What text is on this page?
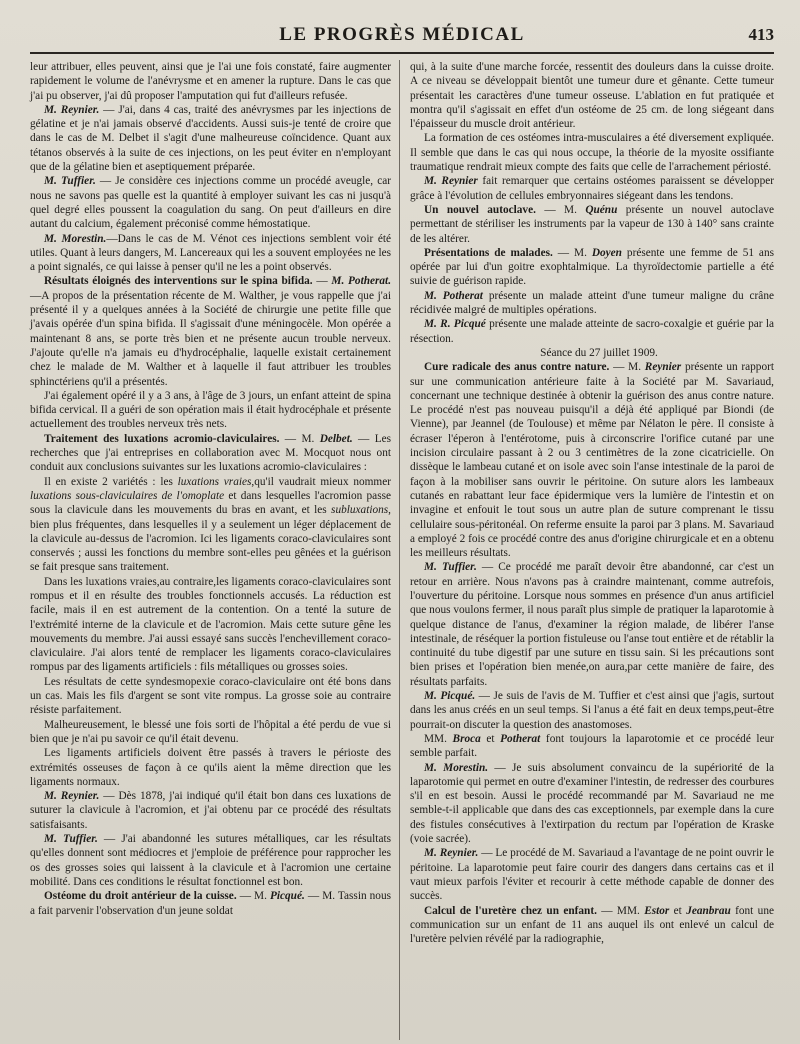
LE PROGRÈS MÉDICAL	413

leur attribuer, elles peuvent, ainsi que je l'ai une fois constaté, faire augmenter rapidement le volume de l'anévrysme et en amener la rupture. Dans le cas que j'ai pu observer, j'ai dû proposer l'amputation qui fut d'ailleurs refusée.

M. Reynier. — J'ai, dans 4 cas, traité des anévrysmes par les injections de gélatine et je n'ai jamais observé d'accidents. Aussi suis-je tenté de croire que dans le cas de M. Delbet il s'agit d'une malheureuse coïncidence. Quant aux tétanos observés à la suite de ces injections, on les peut éviter en n'employant que de la gélatine bien et aseptiquement préparée.

M. Tuffier. — Je considère ces injections comme un procédé aveugle, car nous ne savons pas quelle est la quantité à employer suivant les cas ni jusqu'à quel degré elles poussent la coagulation du sang. On peut d'ailleurs en dire autant du calcium, également préconisé comme hémostatique.

M. Morestin.—Dans le cas de M. Vénot ces injections semblent voir été utiles. Quant à leurs dangers, M. Lancereaux qui les a souvent employées ne les a point signalés, ce qui laisse à penser qu'il ne les a point observés.

Résultats éloignés des interventions sur le spina bifida. — M. Potherat. —A propos de la présentation récente de M. Walther, je vous rappelle que j'ai présenté il y a quelques années à la Société de chirurgie une petite fille que j'avais opérée d'un spina bifida. Il s'agissait d'une méningocèle. Mon opérée a maintenant 8 ans, se porte très bien et ne présente aucun trouble nerveux. J'ajoute qu'elle n'a jamais eu d'hydrocéphalie, laquelle existait certainement chez le malade de M. Walther et à laquelle il faut attribuer les troubles sphinctériens qu'il a présentés.

J'ai également opéré il y a 3 ans, à l'âge de 3 jours, un enfant atteint de spina bifida cervical. Il a guéri de son opération mais il était hydrocéphale et présente actuellement des troubles nerveux très nets.

Traitement des luxations acromio-claviculaires. — M. Delbet. — Les recherches que j'ai entreprises en collaboration avec M. Mocquot nous ont conduit aux conclusions suivantes sur les luxations acromio-claviculaires :

Il en existe 2 variétés : les luxations vraies,qu'il vaudrait mieux nommer luxations sous-claviculaires de l'omoplate et dans lesquelles l'acromion passe sous la clavicule dans les mouvements du bras en avant, et les subluxations, bien plus fréquentes, dans lesquelles il y a seulement un léger déplacement de la clavicule au-dessus de l'acromion. Ici les ligaments coraco-claviculaires sont conservés ; aussi les fonctions du membre sont-elles peu gênées et la guérison se fait presque sans traitement.

Dans les luxations vraies,au contraire,les ligaments coraco-claviculaires sont rompus et il en résulte des troubles fonctionnels accusés. La réduction est facile, mais il en est autrement de la contention. On a tenté la suture de l'extrémité interne de la clavicule et de l'acromion. Mais cette suture gêne les mouvements du membre. J'ai aussi essayé sans succès l'enchevillement coraco-claviculaire. J'ai alors tenté de remplacer les ligaments coraco-claviculaires rompus par des ligaments artificiels : fils métalliques ou grosses soies.

Les résultats de cette syndesmopexie coraco-claviculaire ont été bons dans un cas. Mais les fils d'argent se sont vite rompus. La grosse soie au contraire résiste parfaitement.

Malheureusement, le blessé une fois sorti de l'hôpital a été perdu de vue si bien que je n'ai pu savoir ce qu'il était devenu.

Les ligaments artificiels doivent être passés à travers le périoste des extrémités osseuses de façon à ce qu'ils aient la même direction que les ligaments normaux.

M. Reynier. — Dès 1878, j'ai indiqué qu'il était bon dans ces luxations de suturer la clavicule à l'acromion, et j'ai obtenu par ce procédé des résultats satisfaisants.

M. Tuffier. — J'ai abandonné les sutures métalliques, car les résultats qu'elles donnent sont médiocres et j'emploie de préférence pour rapprocher les os des grosses soies qui laissent à la clavicule et à l'acromion une certaine mobilité. Dans ces conditions le résultat fonctionnel est bon.

Ostéome du droit antérieur de la cuisse. — M. Picqué. — M. Tassin nous a fait parvenir l'observation d'un jeune soldat

qui, à la suite d'une marche forcée, ressentit des douleurs dans la cuisse droite. A ce niveau se développait bientôt une tumeur dure et gênante. Cette tumeur présentait les caractères d'une tumeur osseuse. L'ablation en fut pratiquée et montra qu'il s'agissait en effet d'un ostéome de 25 cm. de long siégeant dans l'épaisseur du muscle droit antérieur.

La formation de ces ostéomes intra-musculaires a été diversement expliquée. Il semble que dans le cas qui nous occupe, la théorie de la myosite ossifiante traumatique rendrait mieux compte des faits que celle de l'arrachement périosté.

M. Reynier fait remarquer que certains ostéomes paraissent se développer grâce à l'évolution de cellules embryonnaires siégeant dans les tendons.

Un nouvel autoclave. — M. Quénu présente un nouvel autoclave permettant de stériliser les instruments par la vapeur de 130 à 140° sans crainte de les altérer.

Présentations de malades. — M. Doyen présente une femme de 51 ans opérée par lui d'un goitre exophtalmique. La thyroïdectomie partielle a été suivie de guérison rapide.

M. Potherat présente un malade atteint d'une tumeur maligne du crâne récidivée malgré de multiples opérations.

M. R. Picqué présente une malade atteinte de sacro-coxalgie et guérie par la résection.

Séance du 27 juillet 1909.

Cure radicale des anus contre nature. — M. Reynier présente un rapport sur une communication antérieure faite à la Société par M. Savariaud, concernant une technique destinée à obtenir la guérison des anus contre nature. Le procédé n'est pas nouveau puisqu'il a déjà été appliqué par Biondi (de Vienne), par Jeannel (de Toulouse) et même par Nélaton le père. Il consiste à écraser l'éperon à l'entérotome, puis à circonscrire l'orifice cutané par une incision circulaire passant à 2 ou 3 centimètres de la zone cicatricielle. On dissèque le lambeau cutané et on isole avec soin l'anse intestinale de la paroi de façon à la mobiliser sans ouvrir le péritoine. On suture alors les lambeaux cutanés en rabattant leur face épidermique vers la lumière de l'intestin et on invagine et enfouit le tout sous un autre plan de suture comprenant le tissu cellulaire sous-péritonéal. On referme ensuite la paroi par 3 plans. M. Savariaud a employé 2 fois ce procédé contre des anus d'origine chirurgicale et en a obtenu les meilleurs résultats.

M. Tuffier. — Ce procédé me paraît devoir être abandonné, car c'est un retour en arrière. Nous n'avons pas à craindre maintenant, comme autrefois, l'ouverture du péritoine. Lorsque nous sommes en présence d'un anus artificiel que nous voulons fermer, il nous paraît plus simple de pratiquer la laparotomie à quelque distance de l'anus, d'examiner la région malade, de libérer l'anse intestinale, de réséquer la portion fistuleuse ou l'anse tout entière et de rétablir la continuité du tube digestif par une suture en tissu sain. Si les précautions sont bien prises et l'opération bien menée,on aura,par cette manière de faire, des résultats parfaits.

M. Picqué. — Je suis de l'avis de M. Tuffier et c'est ainsi que j'agis, surtout dans les anus créés en un seul temps. Si l'anus a été fait en deux temps,peut-être pourrait-on discuter la question des anastomoses.

MM. Broca et Potherat font toujours la laparotomie et ce procédé leur semble parfait.

M. Morestin. — Je suis absolument convaincu de la supériorité de la laparotomie qui permet en outre d'examiner l'intestin, de redresser des courbures s'il en est besoin. Aussi le procédé recommandé par M. Savariaud ne me semble-t-il applicable que dans des cas exceptionnels, par exemple dans la cure des fistules consécutives à l'extirpation du rectum par l'opération de Kraske (voie sacrée).

M. Reynier. — Le procédé de M. Savariaud a l'avantage de ne point ouvrir le péritoine. La laparotomie peut faire courir des dangers dans certains cas et il vaut mieux parfois l'éviter et recourir à cette méthode capable de donner des succès.

Calcul de l'uretère chez un enfant. — MM. Estor et Jeanbrau font une communication sur un enfant de 11 ans auquel ils ont enlevé un calcul de l'uretère pelvien révélé par la radiographie,
